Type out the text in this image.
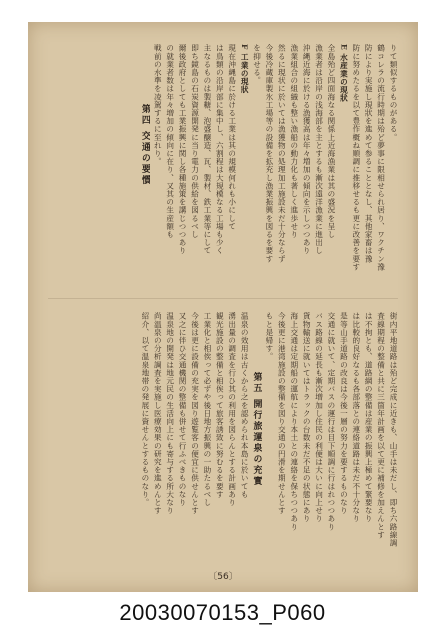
りて類似するものがある。
鶴コレラの流行時期は殆ど夢事に限相せられ居り、ワクチン豫
防により実施し現狀を進めて参ることとなし、其他家畜は豫
防に努めたるを以て豊作概ね順調に推移せるも更に改善を要す
E 水産業の現狀
全島殆ど四面海なる関係上近海漁業は其の盛況を呈し
漁業者は沿岸の浅海部を主とするも漸次遠洋漁業に進出し
沖縄近海に於ける漁獲高は年々増加の傾向を示しつつあり
漁業組合の組織も整い漁船の動力化も著しく進歩せり
然るに現状に於いては漁獲物の処理加工施設未だ十分ならず
今後冷蔵庫製氷工場等の設備を拡充し漁業振興を図るを要す
を抑せる。
F 工業の現狀
現在沖縄島に於ける工業は其の規模何れも小にして
は鳥類の沿岸部に集中し、六割程は大規模なる工場も少く
主なるものは製糖、泡盛醸造、瓦、製材、鉄工業等にして
即ち鏡島の石炭資源開発に当り電力の供給を図るべし
爾後政府としても工業振興に関し各種施策を講じつつあり
の就業者数は年々増加の傾向に在り、又其の生産額も
戦前の水準を凌駕するに至れり。
第四 交通の要慣
街内平地道路は殆ど完成に近きも、山手は未だし、即ち六路線調
査線期程の整備と共に三箇年計画を以て更に補修を加えんとす
は不拘とも、道路網の整備は産業の振興上極めて緊要なり
は比較的良好なるも各部落との連絡道路は未だ不十分なり
是等山手道路の改良は今後一層の努力を要するものなり
交通に就いて、定期バスの運行は目下順調に行はれつつあり
バス路線の延長も漸次増加し住民の利便は大いに向上せり
貨物輸送に就いてはトラックの台数未だ不足の状態にあり
海上交通は定期船の運航により本土との連絡を保ちつつあり
今後更に港湾施設の整備を図り交通の円滑を期せんとす
もと是帰す。
第五 開行旅運泉の充實
温泉の效用は古くから之を認められ本島に於いても
湧出量の調査を行ひ其の利用を図らんとする計画あり
観光施設の整備と相俟って旅客誘致に努むるを要す
工業化と相俟って必ずや後日地方振興の一助たるべし
今後は更に設備の充実を図り遊覧客の便宜に供せんとす
又之に伴ひ交通機関の整備も併せて行ふべきものなり
温泉地の開発は地元民の生活向上にも寄与する所大なり
尚温泉の分析調査を実施し医療効果の研究を進めんとす
紹介、以て温泉地帯の発展に資せんとするものなり。
〔56〕
20030070153_P060
